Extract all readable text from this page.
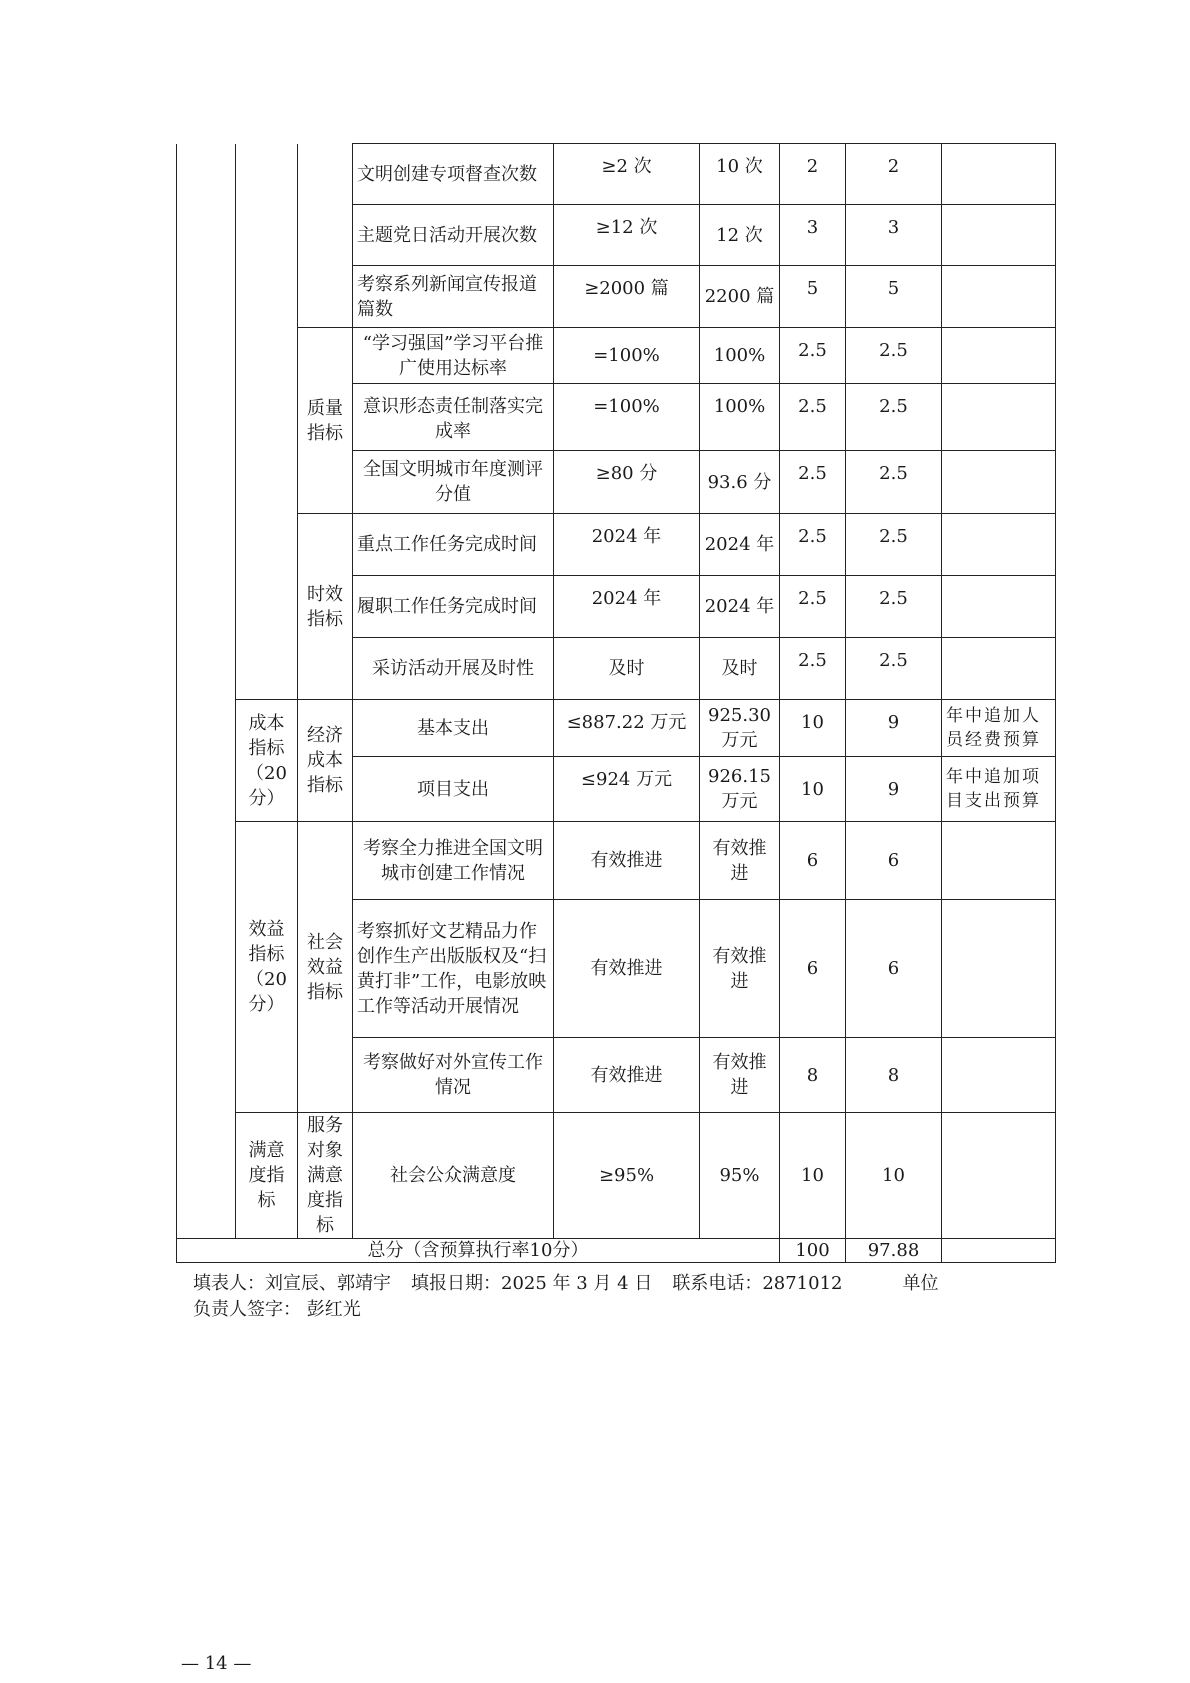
			文明创建专项督查次数	≥2 次	10 次	2	2	
			主题党日活动开展次数	≥12 次	12 次	3	3	
			考察系列新闻宣传报道篇数	≥2000 篇	2200 篇	5	5	
		质量指标	“学习强国”学习平台推广使用达标率	=100%	100%	2.5	2.5	
			意识形态责任制落实完成率	=100%	100%	2.5	2.5	
			全国文明城市年度测评分值	≥80 分	93.6 分	2.5	2.5	
		时效指标	重点工作任务完成时间	2024 年	2024 年	2.5	2.5	
			履职工作任务完成时间	2024 年	2024 年	2.5	2.5	
			采访活动开展及时性	及时	及时	2.5	2.5	
	成本指标（20 分）	经济成本指标	基本支出	≤887.22 万元	925.30 万元	10	9	年中追加人员经费预算
			项目支出	≤924 万元	926.15 万元	10	9	年中追加项目支出预算
	效益指标（20 分）	社会效益指标	考察全力推进全国文明城市创建工作情况	有效推进	有效推进	6	6	
			考察抓好文艺精品力作创作生产出版版权及“扫黄打非”工作，电影放映工作等活动开展情况	有效推进	有效推进	6	6	
			考察做好对外宣传工作情况	有效推进	有效推进	8	8	
	满意度指标	服务对象满意度指标	社会公众满意度	≥95%	95%	10	10	
总分（含预算执行率10分）						100	97.88	
填表人：刘宣辰、郭靖宇 填报日期：2025 年 3 月 4 日 联系电话：2871012	单位
负责人签字： 彭红光
— 14 —
